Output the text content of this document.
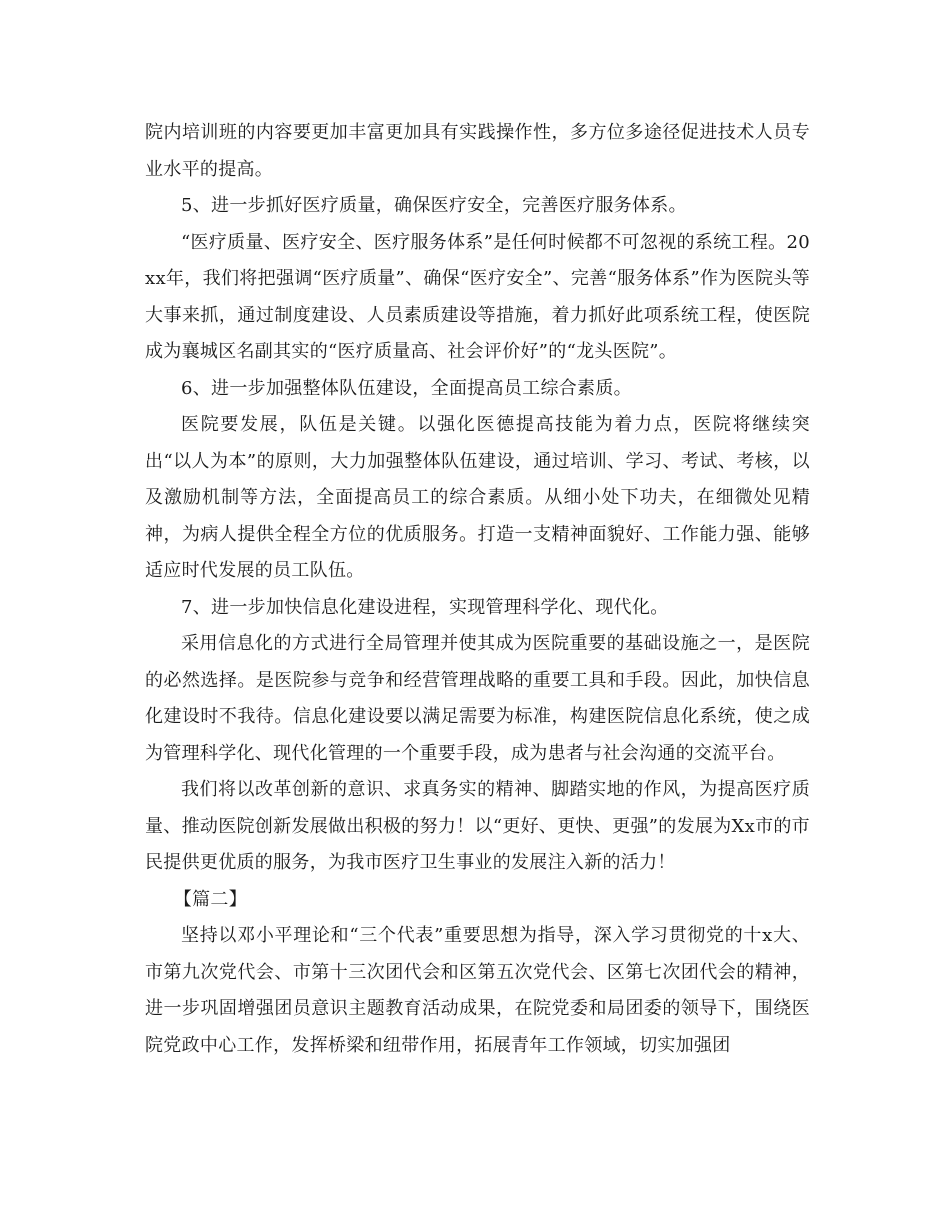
院内培训班的内容要更加丰富更加具有实践操作性，多方位多途径促进技术人员专业水平的提高。

5、进一步抓好医疗质量，确保医疗安全，完善医疗服务体系。

“医疗质量、医疗安全、医疗服务体系”是任何时候都不可忽视的系统工程。20xx年，我们将把强调“医疗质量”、确保“医疗安全”、完善“服务体系”作为医院头等大事来抓，通过制度建设、人员素质建设等措施，着力抓好此项系统工程，使医院成为襄城区名副其实的“医疗质量高、社会评价好”的“龙头医院”。

6、进一步加强整体队伍建设，全面提高员工综合素质。

医院要发展，队伍是关键。以强化医德提高技能为着力点，医院将继续突出“以人为本”的原则，大力加强整体队伍建设，通过培训、学习、考试、考核，以及激励机制等方法，全面提高员工的综合素质。从细小处下功夫，在细微处见精神，为病人提供全程全方位的优质服务。打造一支精神面貌好、工作能力强、能够适应时代发展的员工队伍。

7、进一步加快信息化建设进程，实现管理科学化、现代化。

采用信息化的方式进行全局管理并使其成为医院重要的基础设施之一，是医院的必然选择。是医院参与竞争和经营管理战略的重要工具和手段。因此，加快信息化建设时不我待。信息化建设要以满足需要为标准，构建医院信息化系统，使之成为管理科学化、现代化管理的一个重要手段，成为患者与社会沟通的交流平台。

我们将以改革创新的意识、求真务实的精神、脚踏实地的作风，为提高医疗质量、推动医院创新发展做出积极的努力！以“更好、更快、更强”的发展为Xx市的市民提供更优质的服务，为我市医疗卫生事业的发展注入新的活力！

【篇二】

坚持以邓小平理论和“三个代表”重要思想为指导，深入学习贯彻党的十x大、市第九次党代会、市第十三次团代会和区第五次党代会、区第七次团代会的精神，进一步巩固增强团员意识主题教育活动成果，在院党委和局团委的领导下，围绕医院党政中心工作，发挥桥梁和纽带作用，拓展青年工作领域，切实加强团
